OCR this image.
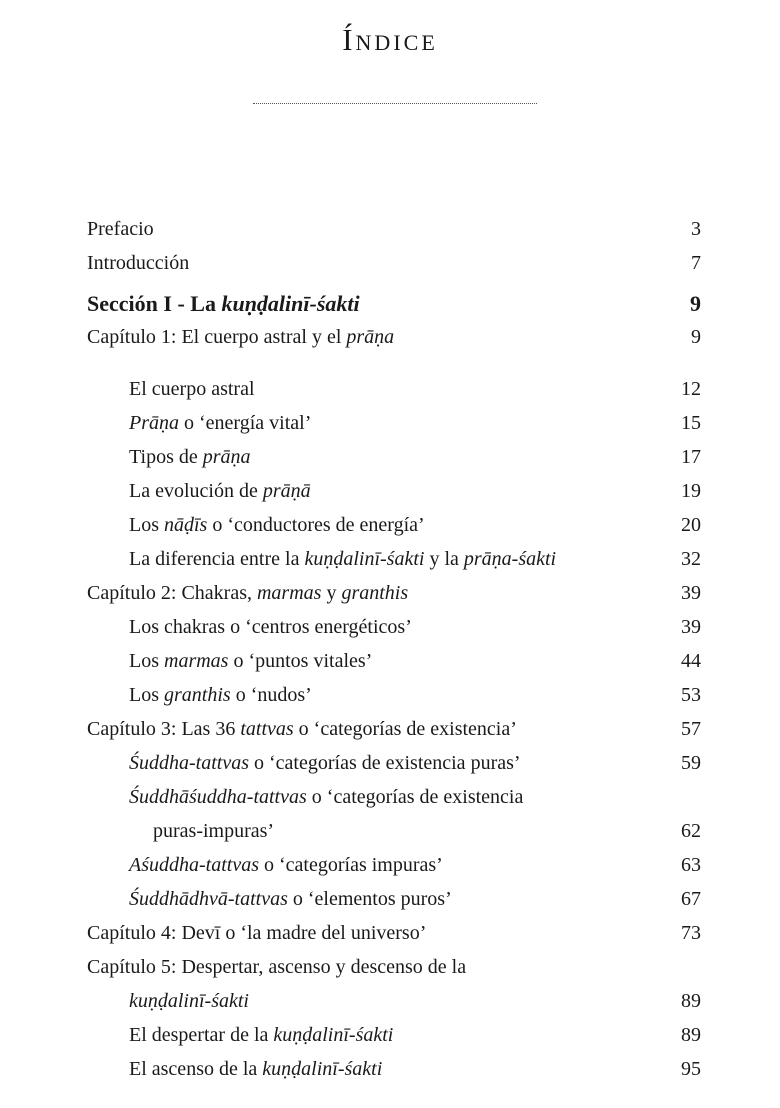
Índice
Prefacio	3
Introducción	7
Sección I - La kuṇḍalinī-śakti	9
Capítulo 1: El cuerpo astral y el prāṇa	9
El cuerpo astral	12
Prāṇa o ‘energía vital’	15
Tipos de prāṇa	17
La evolución de prāṇā	19
Los nāḍīs o ‘conductores de energía’	20
La diferencia entre la kuṇḍalinī-śakti y la prāṇa-śakti	32
Capítulo 2: Chakras, marmas y granthis	39
Los chakras o ‘centros energéticos’	39
Los marmas o ‘puntos vitales’	44
Los granthis o ‘nudos’	53
Capítulo 3: Las 36 tattvas o ‘categorías de existencia’	57
Śuddha-tattvas o ‘categorías de existencia puras’	59
Śuddhāśuddha-tattvas o ‘categorías de existencia
puras-impuras’	62
Aśuddha-tattvas o ‘categorías impuras’	63
Śuddhādhvā-tattvas o ‘elementos puros’	67
Capítulo 4: Devī o ‘la madre del universo’	73
Capítulo 5: Despertar, ascenso y descenso de la
kuṇḍalinī-śakti	89
El despertar de la kuṇḍalinī-śakti	89
El ascenso de la kuṇḍalinī-śakti	95
